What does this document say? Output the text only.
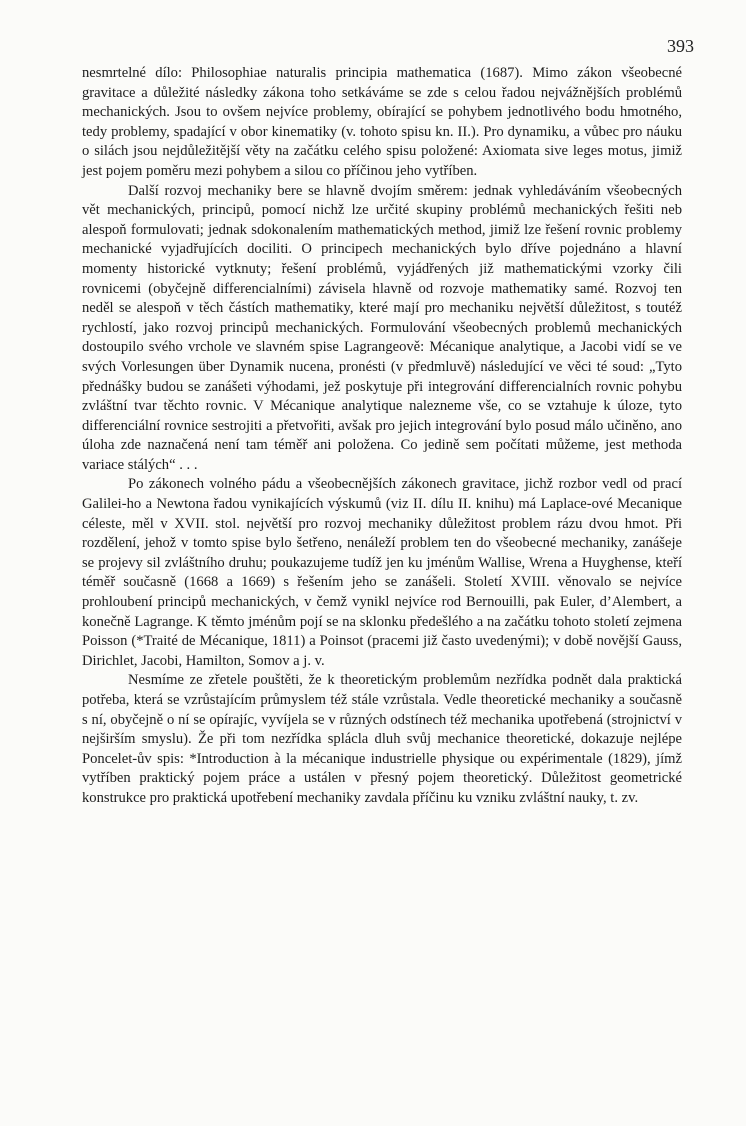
393

nesmrtelné dílo: Philosophiae naturalis principia mathematica (1687). Mimo zákon všeobecné gravitace a důležité následky zákona toho setkáváme se zde s celou řadou nejvážnějších problémů mechanických. Jsou to ovšem nejvíce problemy, obírající se pohybem jednotlivého bodu hmotného, tedy problemy, spadající v obor kinematiky (v. tohoto spisu kn. II.). Pro dynamiku, a vůbec pro náuku o silách jsou nejdůležitější věty na začátku celého spisu položené: Axiomata sive leges motus, jimiž jest pojem poměru mezi pohybem a silou co příčinou jeho vytříben.

Další rozvoj mechaniky bere se hlavně dvojím směrem: jednak vyhledáváním všeobecných vět mechanických, principů, pomocí nichž lze určité skupiny problémů mechanických řešiti neb alespoň formulovati; jednak sdokonalením mathematických method, jimiž lze řešení rovnic problemy mechanické vyjadřujících dociliti. O principech mechanických bylo dříve pojednáno a hlavní momenty historické vytknuty; řešení problémů, vyjádřených již mathematickými vzorky čili rovnicemi (obyčejně differencialními) závisela hlavně od rozvoje mathematiky samé. Rozvoj ten neděl se alespoň v těch částích mathematiky, které mají pro mechaniku největší důležitost, s toutéž rychlostí, jako rozvoj principů mechanických. Formulování všeobecných problemů mechanických dostoupilo svého vrchole ve slavném spise Lagrangeově: Mécanique analytique, a Jacobi vidí se ve svých Vorlesungen über Dynamik nucena, pronésti (v předmluvě) následující ve věci té soud: „Tyto přednášky budou se zanášeti výhodami, jež poskytuje při integrování differencialních rovnic pohybu zvláštní tvar těchto rovnic. V Mécanique analytique nalezneme vše, co se vztahuje k úloze, tyto differenciální rovnice sestrojiti a přetvořiti, avšak pro jejich integrování bylo posud málo učiněno, ano úloha zde naznačená není tam téměř ani položena. Co jedině sem počítati můžeme, jest methoda variace stálých“ . . .

Po zákonech volného pádu a všeobecnějších zákonech gravitace, jichž rozbor vedl od prací Galilei-ho a Newtona řadou vynikajících výskumů (viz II. dílu II. knihu) má Laplace-ové Mecanique céleste, měl v XVII. stol. největší pro rozvoj mechaniky důležitost problem rázu dvou hmot. Při rozdělení, jehož v tomto spise bylo šetřeno, nenáleží problem ten do všeobecné mechaniky, zanášeje se projevy sil zvláštního druhu; poukazujeme tudíž jen ku jménům Wallise, Wrena a Huyghense, kteří téměř současně (1668 a 1669) s řešením jeho se zanášeli. Století XVIII. věnovalo se nejvíce prohloubení principů mechanických, v čemž vynikl nejvíce rod Bernouilli, pak Euler, d’Alembert, a konečně Lagrange. K těmto jménům pojí se na sklonku předešlého a na začátku tohoto století zejmena Poisson (*Traité de Mécanique, 1811) a Poinsot (pracemi již často uvedenými); v době novější Gauss, Dirichlet, Jacobi, Hamilton, Somov a j. v.

Nesmíme ze zřetele pouštěti, že k theoretickým problemům nezřídka podnět dala praktická potřeba, která se vzrůstajícím průmyslem též stále vzrůstala. Vedle theoretické mechaniky a současně s ní, obyčejně o ní se opírajíc, vyvíjela se v různých odstínech též mechanika upotřebená (strojnictví v nejširším smyslu). Že při tom nezřídka splácla dluh svůj mechanice theoretické, dokazuje nejlépe Poncelet-ův spis: *Introduction à la mécanique industrielle physique ou expérimentale (1829), jímž vytříben praktický pojem práce a ustálen v přesný pojem theoretický. Důležitost geometrické konstrukce pro praktická upotřebení mechaniky zavdala příčinu ku vzniku zvláštní nauky, t. zv.
